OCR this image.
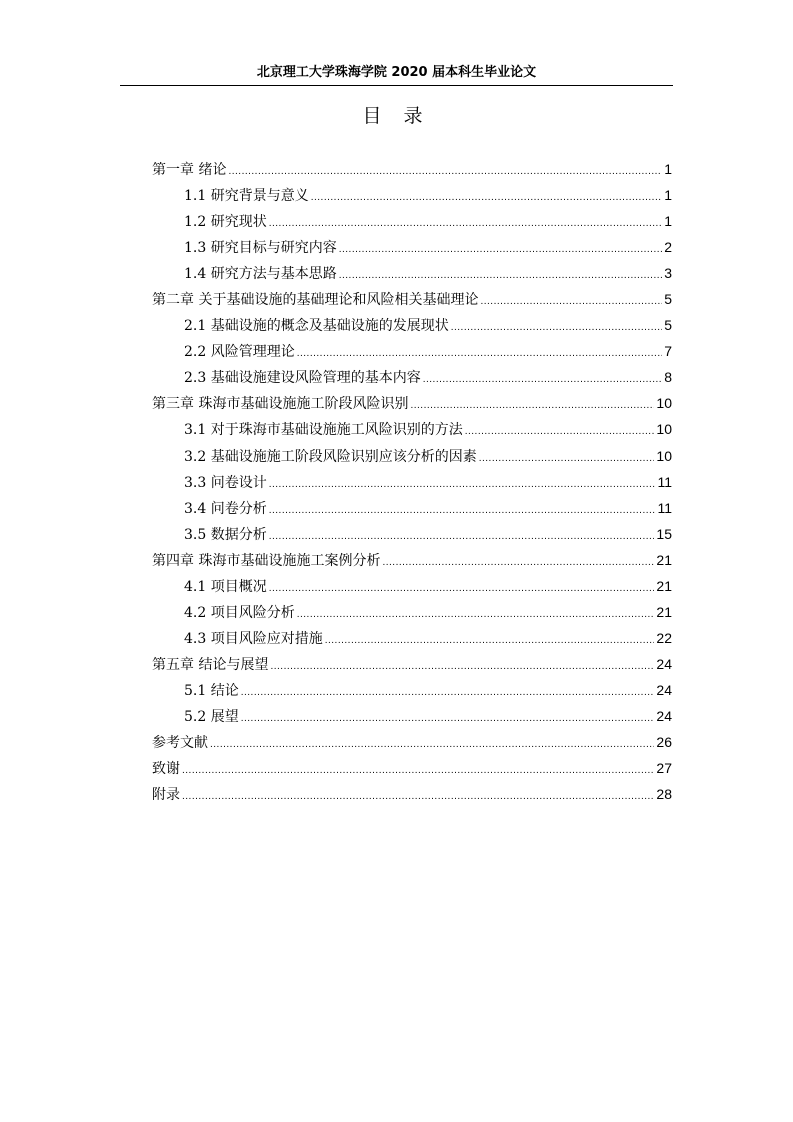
北京理工大学珠海学院 2020 届本科生毕业论文
目 录
第一章 绪论 .....	1
1.1 研究背景与意义 .....	1
1.2 研究现状 .....	1
1.3 研究目标与研究内容 .....	2
1.4 研究方法与基本思路 .....	3
第二章 关于基础设施的基础理论和风险相关基础理论 .....	5
2.1 基础设施的概念及基础设施的发展现状 .....	5
2.2 风险管理理论 .....	7
2.3 基础设施建设风险管理的基本内容 .....	8
第三章 珠海市基础设施施工阶段风险识别 .....	10
3.1 对于珠海市基础设施施工风险识别的方法 .....	10
3.2 基础设施施工阶段风险识别应该分析的因素 .....	10
3.3 问卷设计 .....	11
3.4 问卷分析 .....	11
3.5 数据分析 .....	15
第四章 珠海市基础设施施工案例分析 .....	21
4.1 项目概况 .....	21
4.2 项目风险分析 .....	21
4.3 项目风险应对措施 .....	22
第五章 结论与展望 .....	24
5.1 结论 .....	24
5.2 展望 .....	24
参考文献 .....	26
致谢 .....	27
附录 .....	28
